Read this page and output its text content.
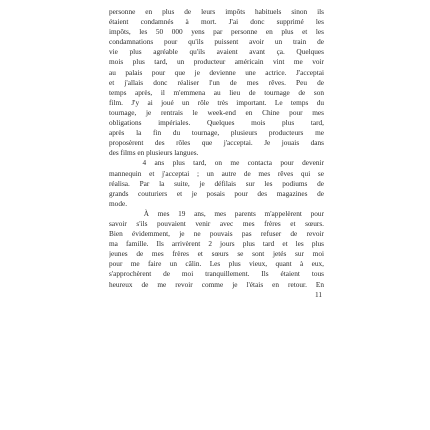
personne en plus de leurs impôts habituels sinon ils
étaient condamnés à mort. J'ai donc supprimé les
impôts, les 50 000 yens par personne en plus et les
condamnations pour qu'ils puissent avoir un train de
vie plus agréable qu'ils avaient avant ça. Quelques
mois plus tard, un producteur américain vint me voir
au palais pour que je devienne une actrice. J'acceptai
et j'allais donc réaliser l'un de mes rêves. Peu de
temps après, il m'emmena au lieu de tournage de son
film. J'y ai joué un rôle très important. Le temps du
tournage, je rentrais le week-end en Chine pour mes
obligations impériales. Quelques mois plus tard,
après la fin du tournage, plusieurs producteurs me
proposèrent des rôles que j'acceptai. Je jouais dans
des films en plusieurs langues.
4 ans plus tard, on me contacta pour devenir
mannequin et j'acceptai ; un autre de mes rêves qui se
réalisa. Par la suite, je défilais sur les podiums de
grands couturiers et je posais pour des magazines de
mode.
À mes 19 ans, mes parents m'appelèrent pour
savoir s'ils pouvaient venir avec mes frères et sœurs.
Bien évidemment, je ne pouvais pas refuser de revoir
ma famille. Ils arrivèrent 2 jours plus tard et les plus
jeunes de mes frères et sœurs se sont jetés sur moi
pour me faire un câlin. Les plus vieux, quant à eux,
s'approchèrent de moi tranquillement. Ils étaient tous
heureux de me revoir comme je l'étais en retour. En
11
